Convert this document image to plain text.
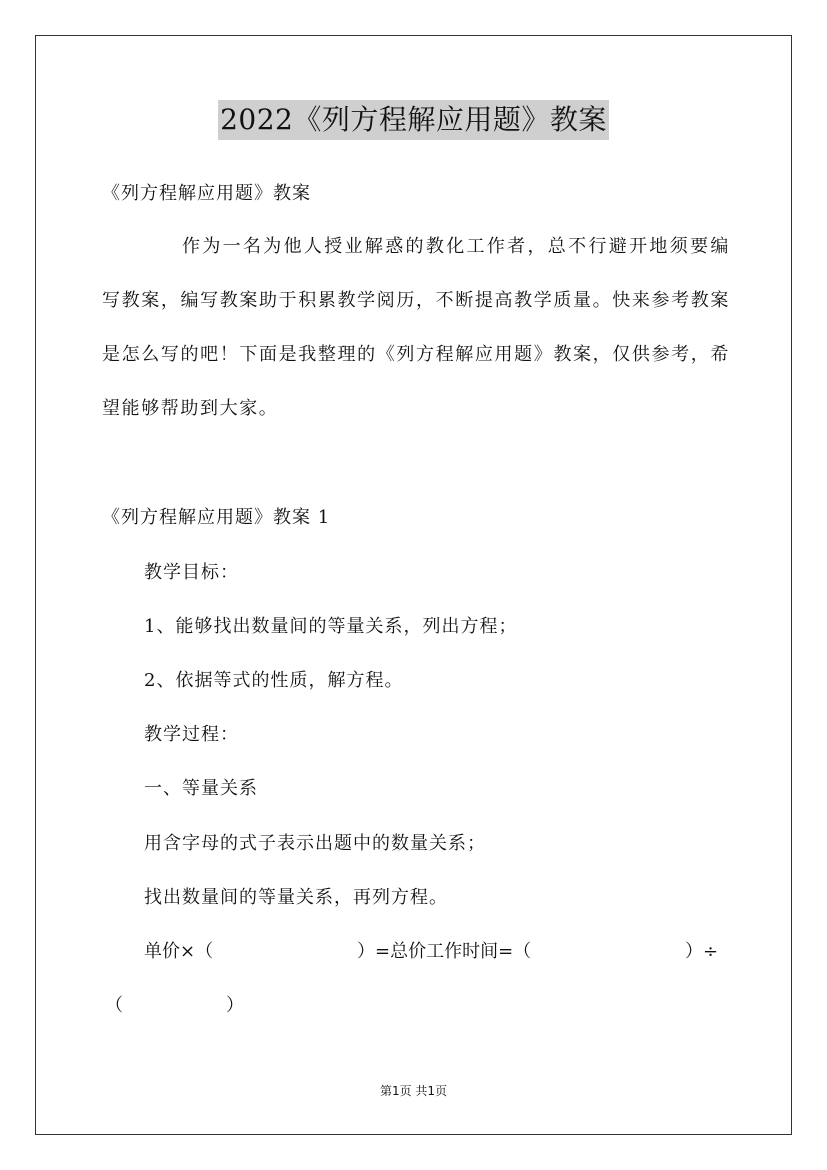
2022《列方程解应用题》教案
《列方程解应用题》教案
作为一名为他人授业解惑的教化工作者，总不行避开地须要编写教案，编写教案助于积累教学阅历，不断提高教学质量。快来参考教案是怎么写的吧！下面是我整理的《列方程解应用题》教案，仅供参考，希望能够帮助到大家。
《列方程解应用题》教案 1
教学目标：
1、能够找出数量间的等量关系，列出方程；
2、依据等式的性质，解方程。
教学过程：
一、等量关系
用含字母的式子表示出题中的数量关系；
找出数量间的等量关系，再列方程。
单价×（	）=总价工作时间=（	）÷
（	）
第1页 共1页
